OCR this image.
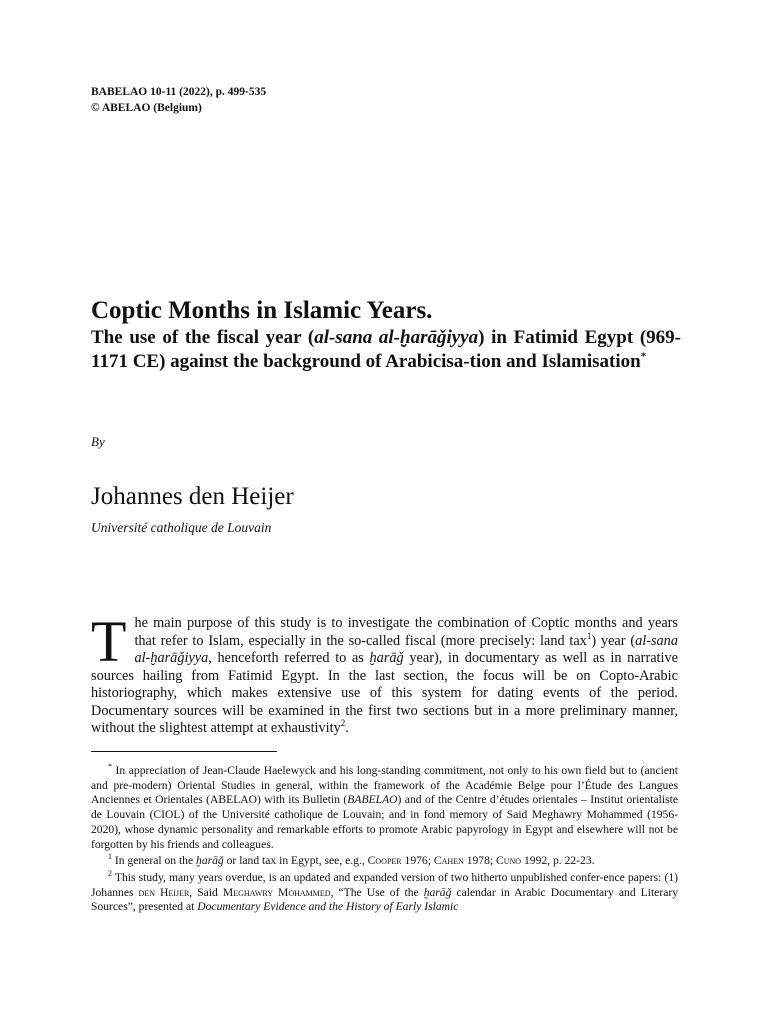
BABELAO 10-11 (2022), p. 499-535
© ABELAO (Belgium)
Coptic Months in Islamic Years.
The use of the fiscal year (al-sana al-ḫarāǧiyya) in Fatimid Egypt (969-1171 CE) against the background of Arabicisa-tion and Islamisation*
By
Johannes den Heijer
Université catholique de Louvain
The main purpose of this study is to investigate the combination of Coptic months and years that refer to Islam, especially in the so-called fiscal (more precisely: land tax$^1$) year (al-sana al-ḫarāǧiyya, henceforth referred to as ḫarāǧ year), in documentary as well as in narrative sources hailing from Fatimid Egypt. In the last section, the focus will be on Copto-Arabic historiography, which makes extensive use of this system for dating events of the period. Documentary sources will be examined in the first two sections but in a more preliminary manner, without the slightest attempt at exhaustivity$^2$.

* In appreciation of Jean-Claude Haelewyck and his long-standing commitment, not only to his own field but to (ancient and pre-modern) Oriental Studies in general, within the framework of the Académie Belge pour l’Étude des Langues Anciennes et Orientales (ABELAO) with its Bulletin (BABELAO) and of the Centre d’études orientales – Institut orientaliste de Louvain (CIOL) of the Université catholique de Louvain; and in fond memory of Said Meghawry Mohammed (1956-2020), whose dynamic personality and remarkable efforts to promote Arabic papyrology in Egypt and elsewhere will not be forgotten by his friends and colleagues.

$^1$ In general on the ḫarāǧ or land tax in Egypt, see, e.g., Cooper 1976; Cahen 1978; Cuno 1992, p. 22-23.

$^2$ This study, many years overdue, is an updated and expanded version of two hitherto unpublished confer-ence papers: (1) Johannes den Heijer, Said Meghawry Mohammed, “The Use of the ḫarāǧ calendar in Arabic Documentary and Literary Sources”, presented at Documentary Evidence and the History of Early Islamic
